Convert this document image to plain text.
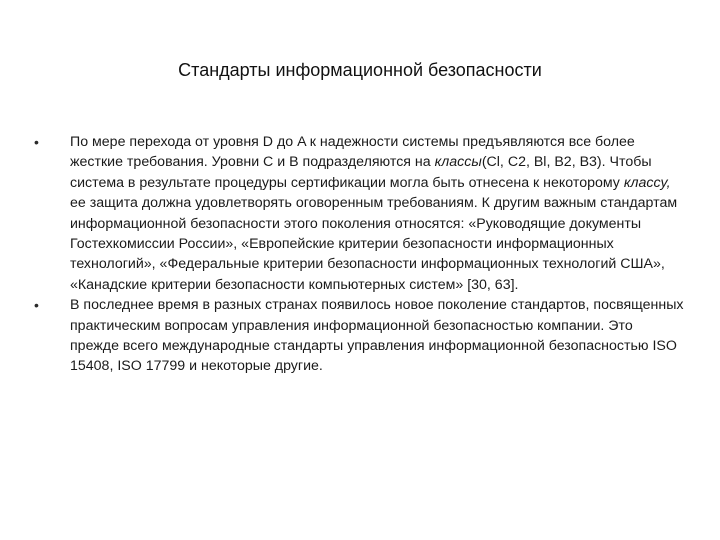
Стандарты информационной безопасности
•	По мере перехода от уровня D до A к надежности системы предъявляются все более жесткие требования. Уровни C и B подразделяются на классы(Cl, C2, Bl, B2, B3). Чтобы система в результате процедуры сертификации могла быть отнесена к некоторому классу, ее защита должна удовлетворять оговоренным требованиям. К другим важным стандартам информационной безопасности этого поколения относятся: «Руководящие документы Гостехкомиссии России», «Европейские критерии безопасности информационных технологий», «Федеральные критерии безопасности информационных технологий США», «Канадские критерии безопасности компьютерных систем» [30, 63].
•	В последнее время в разных странах появилось новое поколение стандартов, посвященных практическим вопросам управления информационной безопасностью компании. Это прежде всего международные стандарты управления информационной безопасностью ISO 15408, ISO 17799 и некоторые другие.
